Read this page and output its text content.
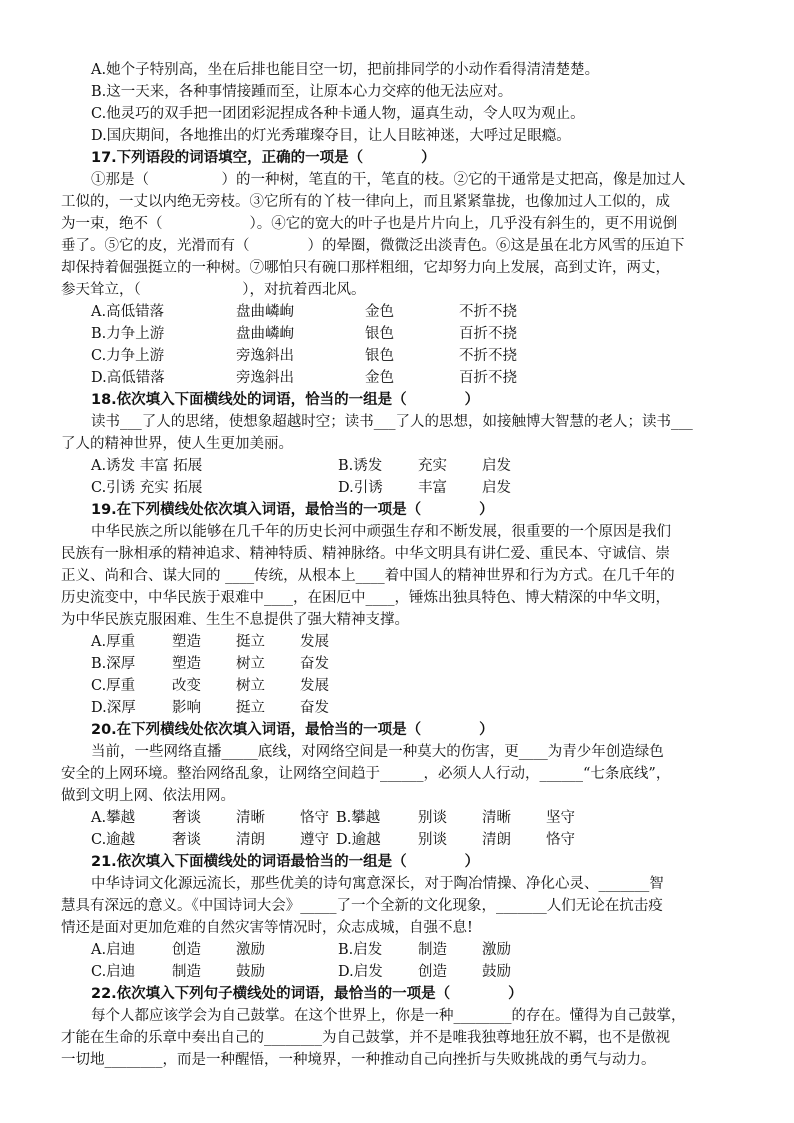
A.她个子特别高，坐在后排也能目空一切，把前排同学的小动作看得清清楚楚。
B.这一天来，各种事情接踵而至，让原本心力交瘁的他无法应对。
C.他灵巧的双手把一团团彩泥捏成各种卡通人物，逼真生动，令人叹为观止。
D.国庆期间，各地推出的灯光秀璀璨夺目，让人目眩神迷，大呼过足眼瘾。
17.下列语段的词语填空，正确的一项是（　　　　）
①那是（　　　　　）的一种树，笔直的干，笔直的枝。②它的干通常是丈把高，像是加过人
工似的，一丈以内绝无旁枝。③它所有的丫枝一律向上，而且紧紧靠拢，也像加过人工似的，成
为一束，绝不（　　　　　　）。④它的宽大的叶子也是片片向上，几乎没有斜生的，更不用说倒
垂了。⑤它的皮，光滑而有（　　　　）的晕圈，微微泛出淡青色。⑥这是虽在北方风雪的压迫下
却保持着倔强挺立的一种树。⑦哪怕只有碗口那样粗细，它却努力向上发展，高到丈许，两丈，
参天耸立，（　　　　　　　），对抗着西北风。
A.高低错落	盘曲嶙峋	金色	不折不挠
B.力争上游	盘曲嶙峋	银色	百折不挠
C.力争上游	旁逸斜出	银色	不折不挠
D.高低错落	旁逸斜出	金色	百折不挠
18.依次填入下面横线处的词语，恰当的一组是（　　　　）
读书___了人的思绪，使想象超越时空；读书___了人的思想，如接触博大智慧的老人；读书___
了人的精神世界，使人生更加美丽。
A.诱发 丰富 拓展	B.诱发 充实 启发
C.引诱 充实 拓展	D.引诱 丰富 启发
19.在下列横线处依次填入词语，最恰当的一项是（　　　　）
中华民族之所以能够在几千年的历史长河中顽强生存和不断发展，很重要的一个原因是我们
民族有一脉相承的精神追求、精神特质、精神脉络。中华文明具有讲仁爱、重民本、守诚信、崇
正义、尚和合、谋大同的 ____传统，从根本上____着中国人的精神世界和行为方式。在几千年的
历史流变中，中华民族于艰难中____，在困厄中____，锤炼出独具特色、博大精深的中华文明，
为中华民族克服困难、生生不息提供了强大精神支撑。
A.厚重	塑造 挺立 发展
B.深厚	塑造 树立 奋发
C.厚重	改变 树立 发展
D.深厚	影响 挺立 奋发
20.在下列横线处依次填入词语，最恰当的一项是（　　　　）
当前，一些网络直播_____底线，对网络空间是一种莫大的伤害，更____为青少年创造绿色
安全的上网环境。整治网络乱象，让网络空间趋于______，必须人人行动，______“七条底线”，
做到文明上网、依法用网。
A.攀越	奢谈 清晰 恪守 B.攀越	别谈 清晰 坚守
C.逾越	奢谈 清朗 遵守 D.逾越	别谈 清朗 恪守
21.依次填入下面横线处的词语最恰当的一组是（　　　　）
中华诗词文化源远流长，那些优美的诗句寓意深长，对于陶冶情操、净化心灵、_______智
慧具有深远的意义。《中国诗词大会》_____了一个全新的文化现象，_______人们无论在抗击疫
情还是面对更加危难的自然灾害等情况时，众志成城，自强不息!
A.启迪	创造 激励	B.启发 制造 激励
C.启迪	制造 鼓励	D.启发 创造 鼓励
22.依次填入下列句子横线处的词语，最恰当的一项是（　　　　）
每个人都应该学会为自己鼓掌。在这个世界上，你是一种________的存在。懂得为自己鼓掌，
才能在生命的乐章中奏出自己的________为自己鼓掌，并不是唯我独尊地狂放不羁，也不是傲视
一切地________，而是一种醒悟，一种境界，一种推动自己向挫折与失败挑战的勇气与动力。
